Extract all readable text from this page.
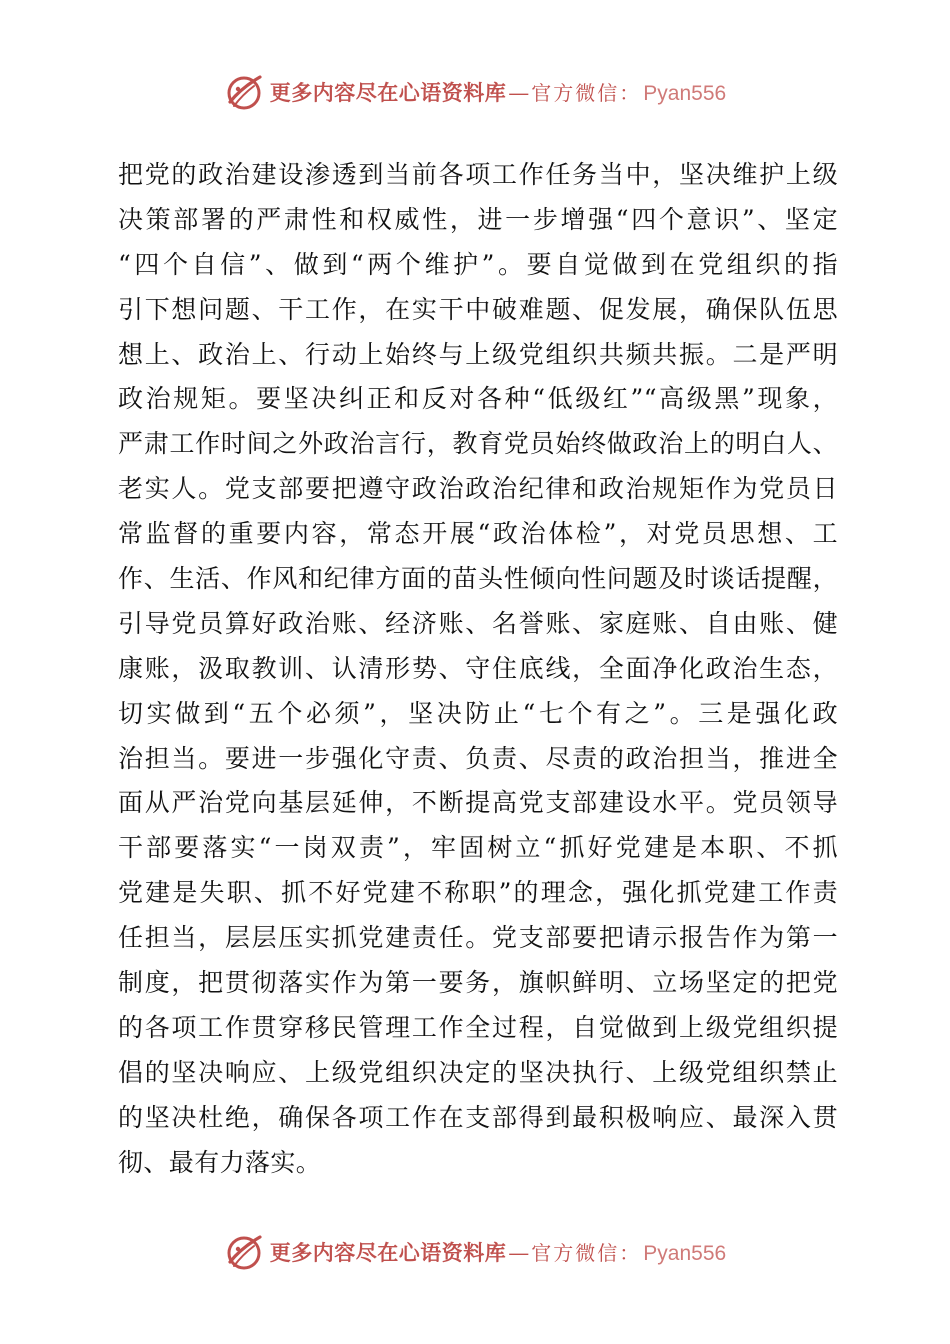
更多内容尽在心语资料库 — 官方微信： Pyan556
把党的政治建设渗透到当前各项工作任务当中，坚决维护上级
决策部署的严肃性和权威性，进一步增强“四个意识”、坚定
“四个自信”、做到“两个维护”。要自觉做到在党组织的指
引下想问题、干工作，在实干中破难题、促发展，确保队伍思
想上、政治上、行动上始终与上级党组织共频共振。二是严明
政治规矩。要坚决纠正和反对各种“低级红”“高级黑”现象，
严肃工作时间之外政治言行，教育党员始终做政治上的明白人、
老实人。党支部要把遵守政治政治纪律和政治规矩作为党员日
常监督的重要内容，常态开展“政治体检”，对党员思想、工
作、生活、作风和纪律方面的苗头性倾向性问题及时谈话提醒，
引导党员算好政治账、经济账、名誉账、家庭账、自由账、健
康账，汲取教训、认清形势、守住底线，全面净化政治生态，
切实做到“五个必须”，坚决防止“七个有之”。三是强化政
治担当。要进一步强化守责、负责、尽责的政治担当，推进全
面从严治党向基层延伸，不断提高党支部建设水平。党员领导
干部要落实“一岗双责”，牢固树立“抓好党建是本职、不抓
党建是失职、抓不好党建不称职”的理念，强化抓党建工作责
任担当，层层压实抓党建责任。党支部要把请示报告作为第一
制度，把贯彻落实作为第一要务，旗帜鲜明、立场坚定的把党
的各项工作贯穿移民管理工作全过程，自觉做到上级党组织提
倡的坚决响应、上级党组织决定的坚决执行、上级党组织禁止
的坚决杜绝，确保各项工作在支部得到最积极响应、最深入贯
彻、最有力落实。
更多内容尽在心语资料库 — 官方微信： Pyan556
